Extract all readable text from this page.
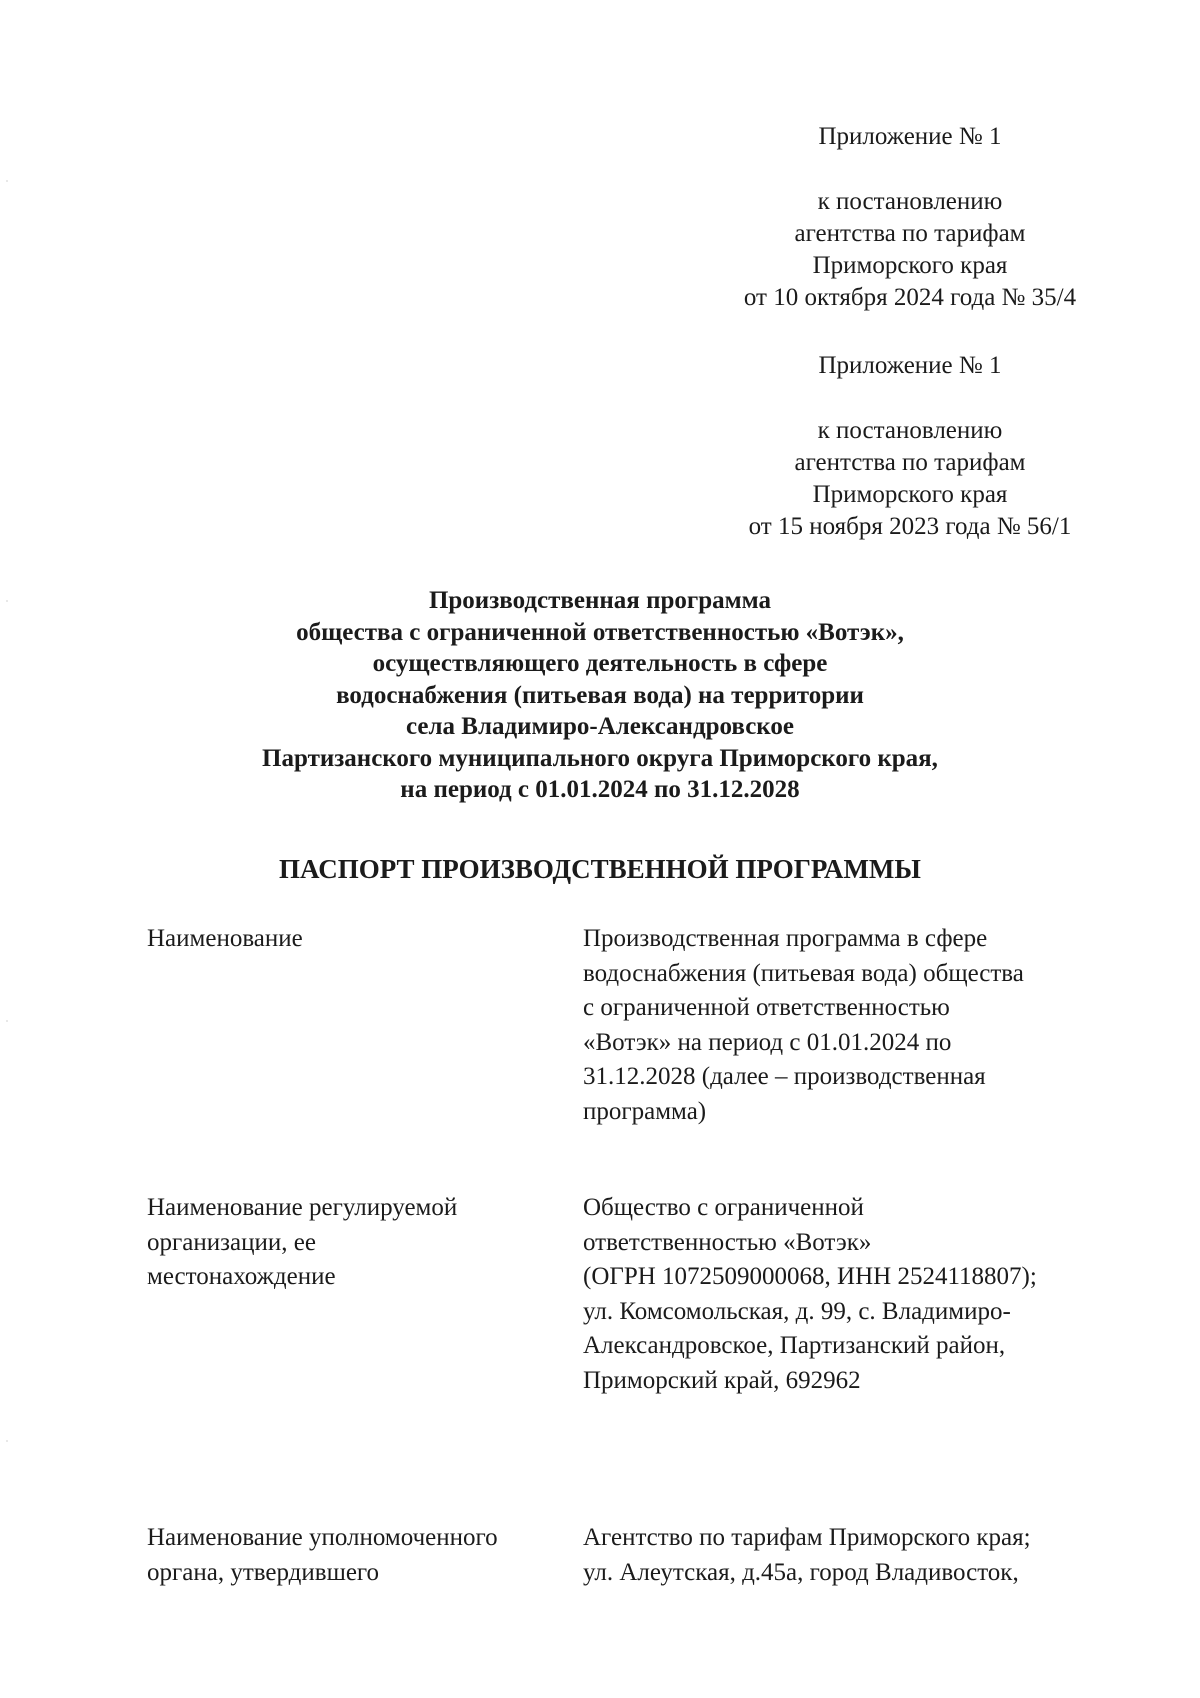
Приложение № 1
к постановлению
агентства по тарифам
Приморского края
от 10 октября 2024 года № 35/4
Приложение № 1
к постановлению
агентства по тарифам
Приморского края
от 15 ноября 2023 года № 56/1
Производственная программа
общества с ограниченной ответственностью «Вотэк»,
осуществляющего деятельность в сфере
водоснабжения (питьевая вода) на территории
села Владимиро-Александровское
Партизанского муниципального округа Приморского края,
на период с 01.01.2024 по 31.12.2028
ПАСПОРТ ПРОИЗВОДСТВЕННОЙ ПРОГРАММЫ
Наименование	Производственная программа в сфере
водоснабжения (питьевая вода) общества
с ограниченной ответственностью
«Вотэк» на период с 01.01.2024 по
31.12.2028 (далее – производственная
программа)
Наименование регулируемой
организации, ее
местонахождение
Общество с ограниченной
ответственностью «Вотэк»
(ОГРН 1072509000068, ИНН 2524118807);
ул. Комсомольская, д. 99, с. Владимиро-
Александровское, Партизанский район,
Приморский край, 692962
Наименование уполномоченного
органа, утвердившего
Агентство по тарифам Приморского края;
ул. Алеутская, д.45а, город Владивосток,
